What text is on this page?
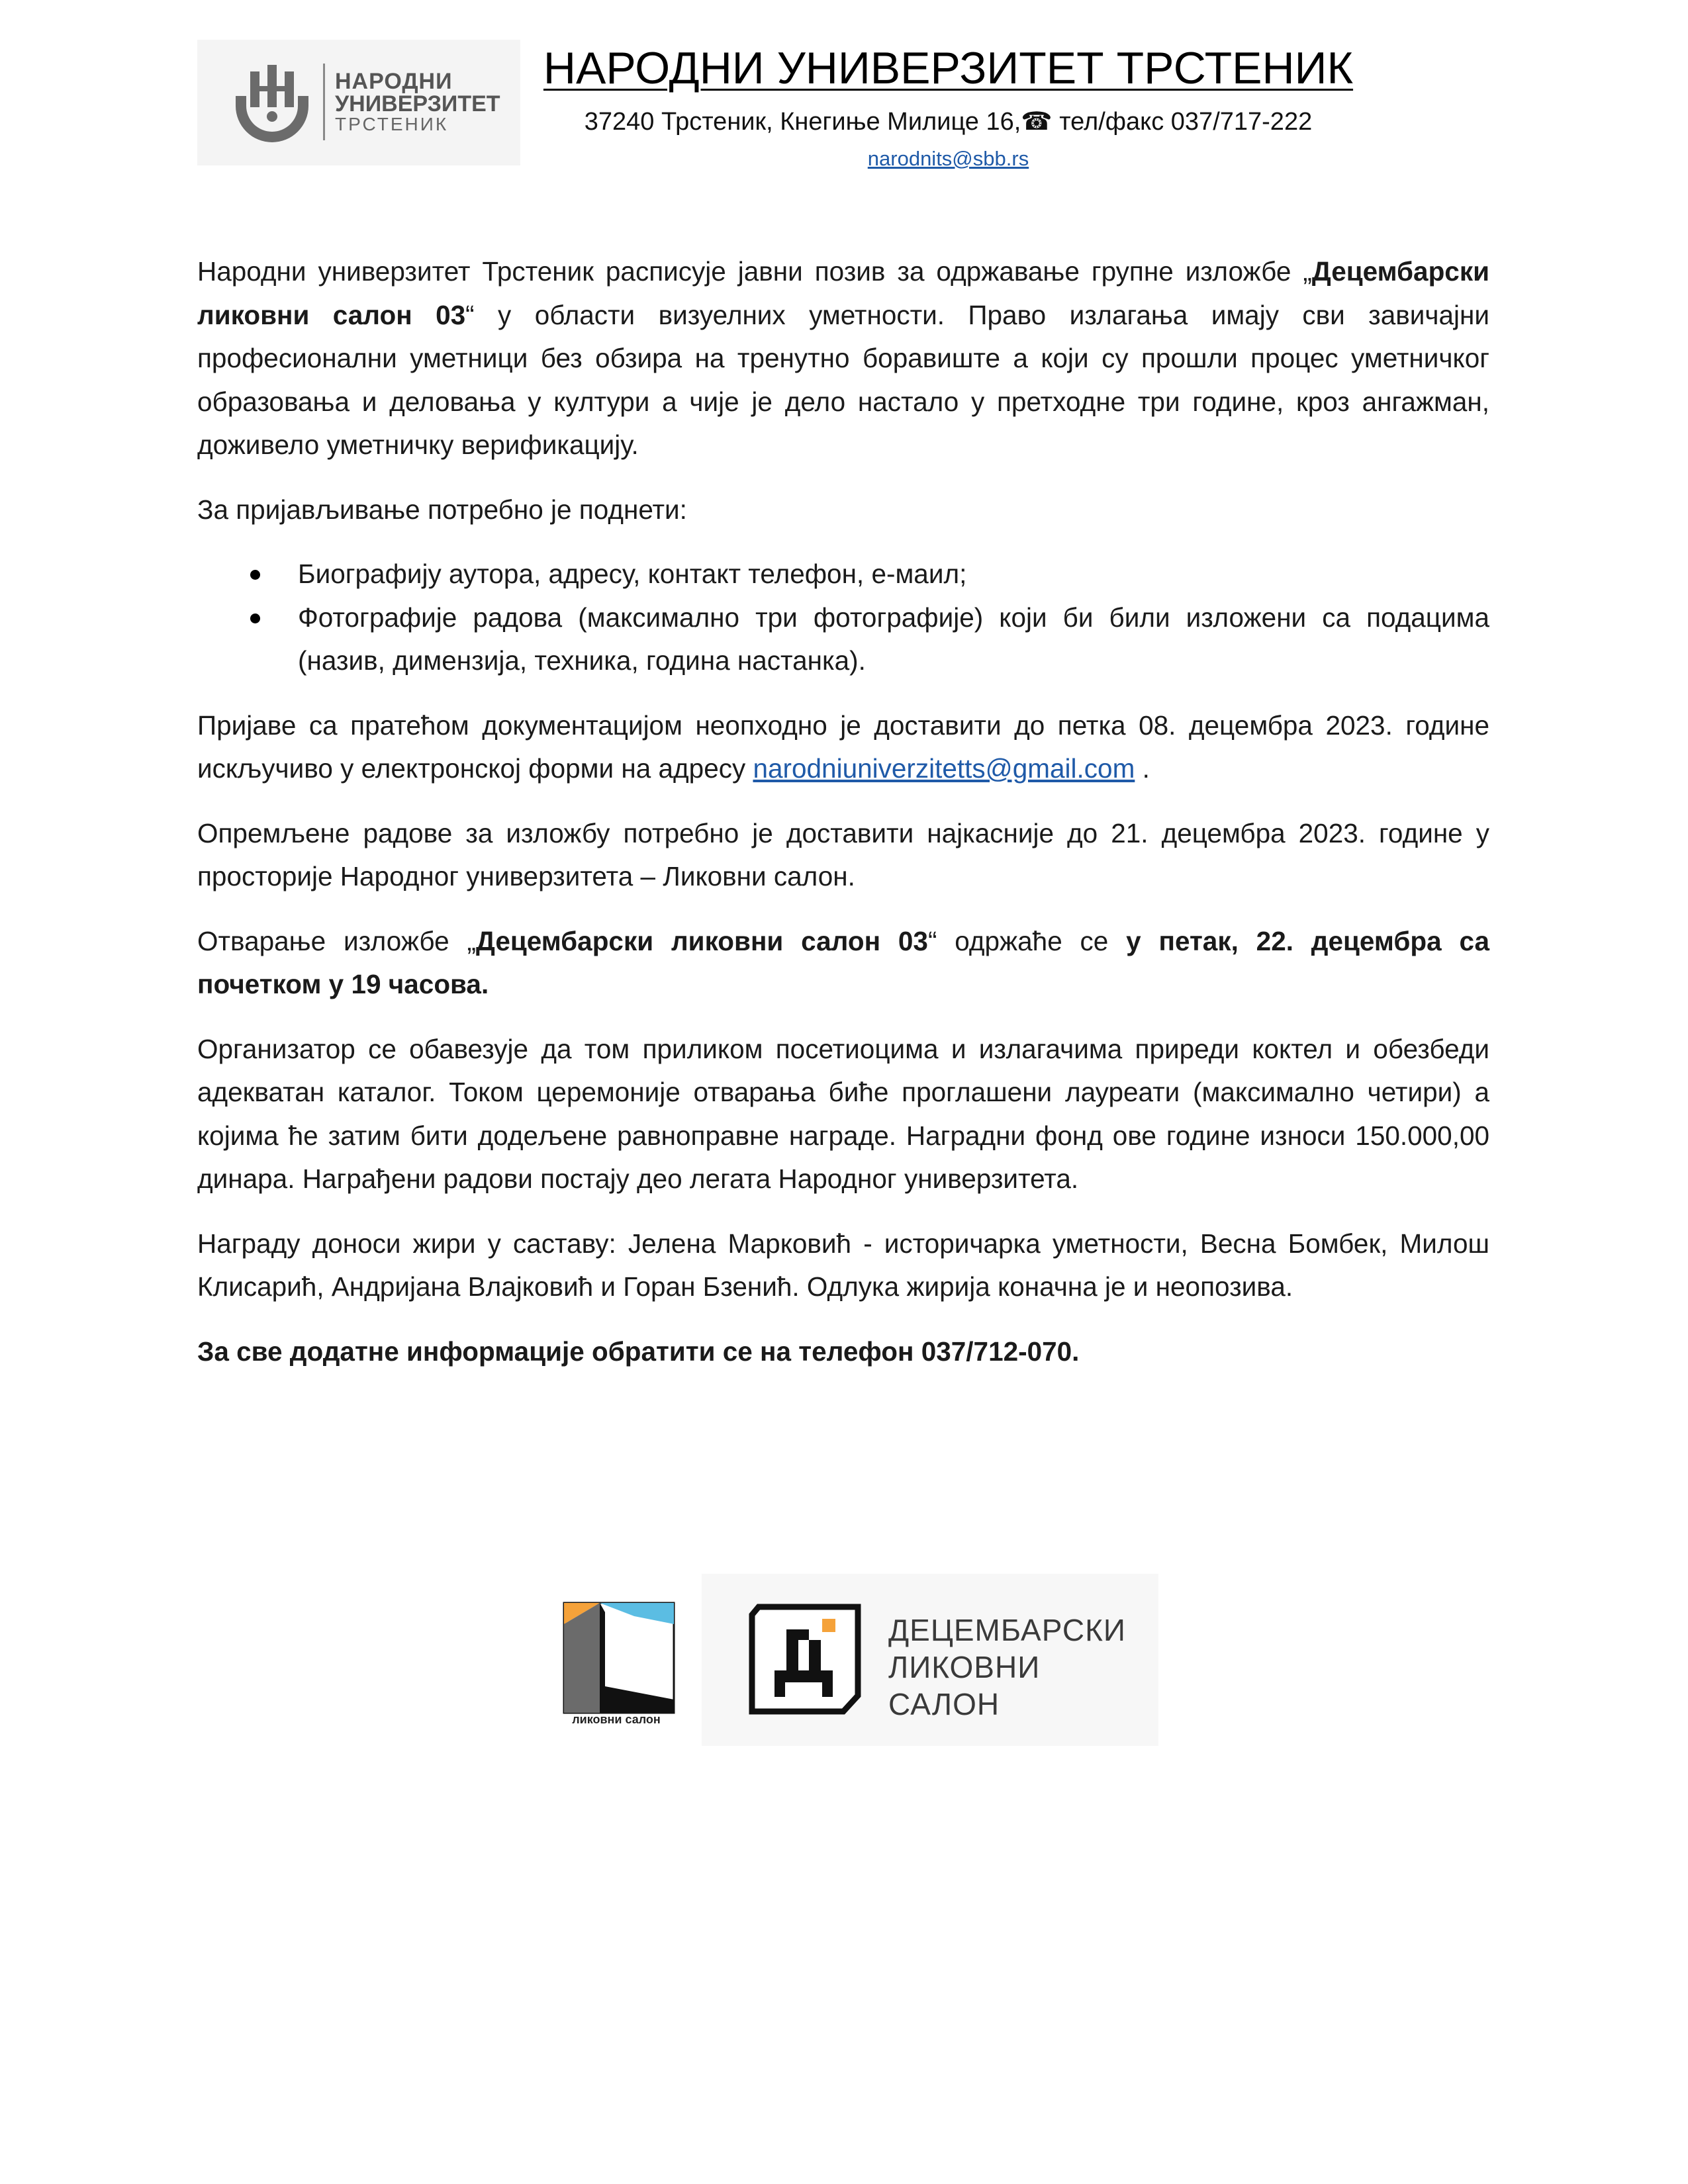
НАРОДНИ
УНИВЕРЗИТЕТ
ТРСТЕНИК
НАРОДНИ УНИВЕРЗИТЕТ ТРСТЕНИК
37240 Трстеник, Кнегиње Милице 16,☎ тел/факс 037/717-222
narodnits@sbb.rs

Народни универзитет Трстеник расписује јавни позив за одржавање групне изложбе „Децембарски ликовни салон 03“ у области визуелних уметности. Право излагања имају сви завичајни професионални уметници без обзира на тренутно боравиште а који су прошли процес уметничког образовања и деловања у култури а чије је дело настало у претходне три године, кроз ангажман, доживело уметничку верификацију.

За пријављивање потребно је поднети:

Биографију аутора, адресу, контакт телефон, е-маил;
Фотографије радова (максимално три фотографије) који би били изложени са подацима (назив, димензија, техника, година настанка).

Пријаве са пратећом документацијом неопходно је доставити до петка 08. децембра 2023. године искључиво у електронској форми на адресу narodniuniverzitetts@gmail.com .

Опремљене радове за изложбу потребно је доставити најкасније до 21. децембра 2023. године у просторије Народног универзитета – Ликовни салон.

Отварање изложбе „Децембарски ликовни салон 03“ одржаће се у петак, 22. децембра са почетком у 19 часова.

Организатор се обавезује да том приликом посетиоцима и излагачима приреди коктел и обезбеди адекватан каталог. Током церемоније отварања биће проглашени лауреати (максимално четири) а којима ће затим бити додељене равноправне награде. Наградни фонд ове године износи 150.000,00 динара. Награђени радови постају део легата Народног универзитета.

Награду доноси жири у саставу: Јелена Марковић - историчарка уметности, Весна Бомбек, Милош Клисарић, Андријана Влајковић и Горан Бзенић. Одлука жирија коначна је и неопозива.

За све додатне информације обратити се на телефон 037/712-070.

ликовни салон
ДЕЦЕМБАРСКИ
ЛИКОВНИ
САЛОН
